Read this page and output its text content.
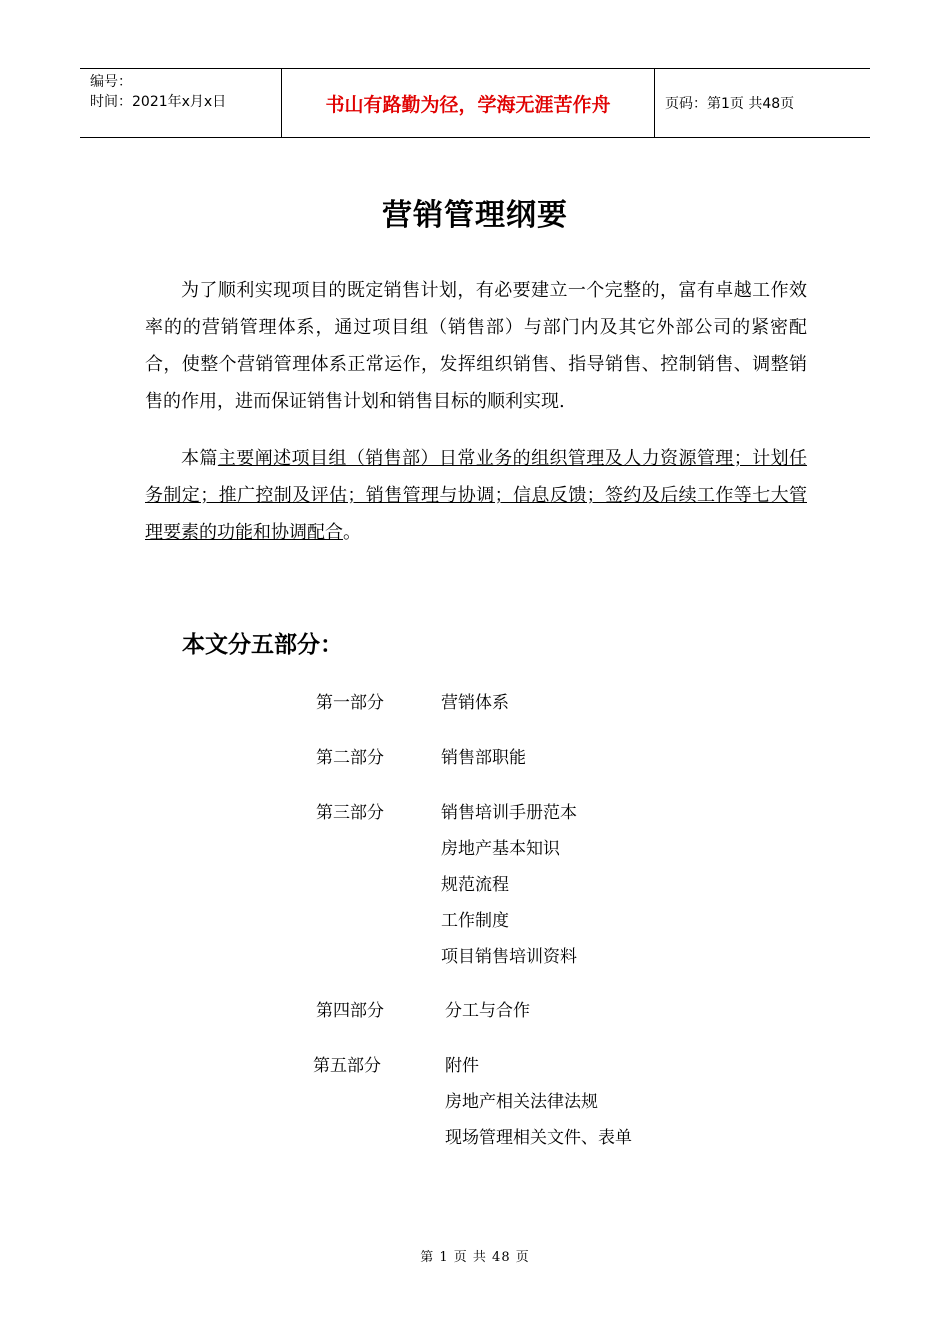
编号：
时间：2021年x月x日	书山有路勤为径，学海无涯苦作舟	页码：第1页 共48页
营销管理纲要
为了顺利实现项目的既定销售计划，有必要建立一个完整的，富有卓越工作效率的的营销管理体系，通过项目组（销售部）与部门内及其它外部公司的紧密配合，使整个营销管理体系正常运作，发挥组织销售、指导销售、控制销售、调整销售的作用，进而保证销售计划和销售目标的顺利实现.
本篇主要阐述项目组（销售部）日常业务的组织管理及人力资源管理；计划任务制定；推广控制及评估；销售管理与协调；信息反馈；签约及后续工作等七大管理要素的功能和协调配合。
本文分五部分：
第一部分	营销体系
第二部分	销售部职能
第三部分	销售培训手册范本
房地产基本知识
规范流程
工作制度
项目销售培训资料
第四部分	分工与合作
第五部分	附件
房地产相关法律法规
现场管理相关文件、表单
第 1 页 共 48 页
